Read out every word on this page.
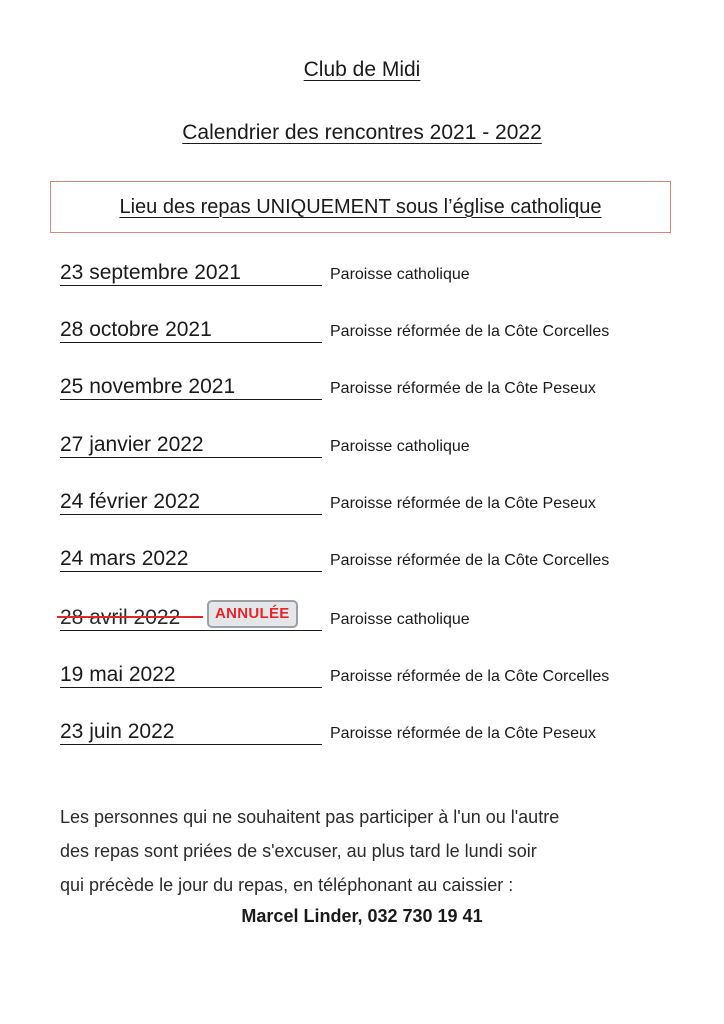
Club de Midi
Calendrier des rencontres 2021 - 2022
Lieu des repas UNIQUEMENT sous l’église catholique
23 septembre 2021	Paroisse catholique
28 octobre 2021	Paroisse réformée de la Côte Corcelles
25 novembre 2021	Paroisse réformée de la Côte Peseux
27 janvier 2022	Paroisse catholique
24 février 2022	Paroisse réformée de la Côte Peseux
24 mars 2022	Paroisse réformée de la Côte Corcelles
28 avril 2022	ANNULÉE	Paroisse catholique
19 mai 2022	Paroisse réformée de la Côte Corcelles
23 juin 2022	Paroisse réformée de la Côte Peseux

Les personnes qui ne souhaitent pas participer à l'un ou l'autre

des repas sont priées de s'excuser, au plus tard le lundi soir

qui précède le jour du repas, en téléphonant au caissier :

Marcel Linder, 032 730 19 41
